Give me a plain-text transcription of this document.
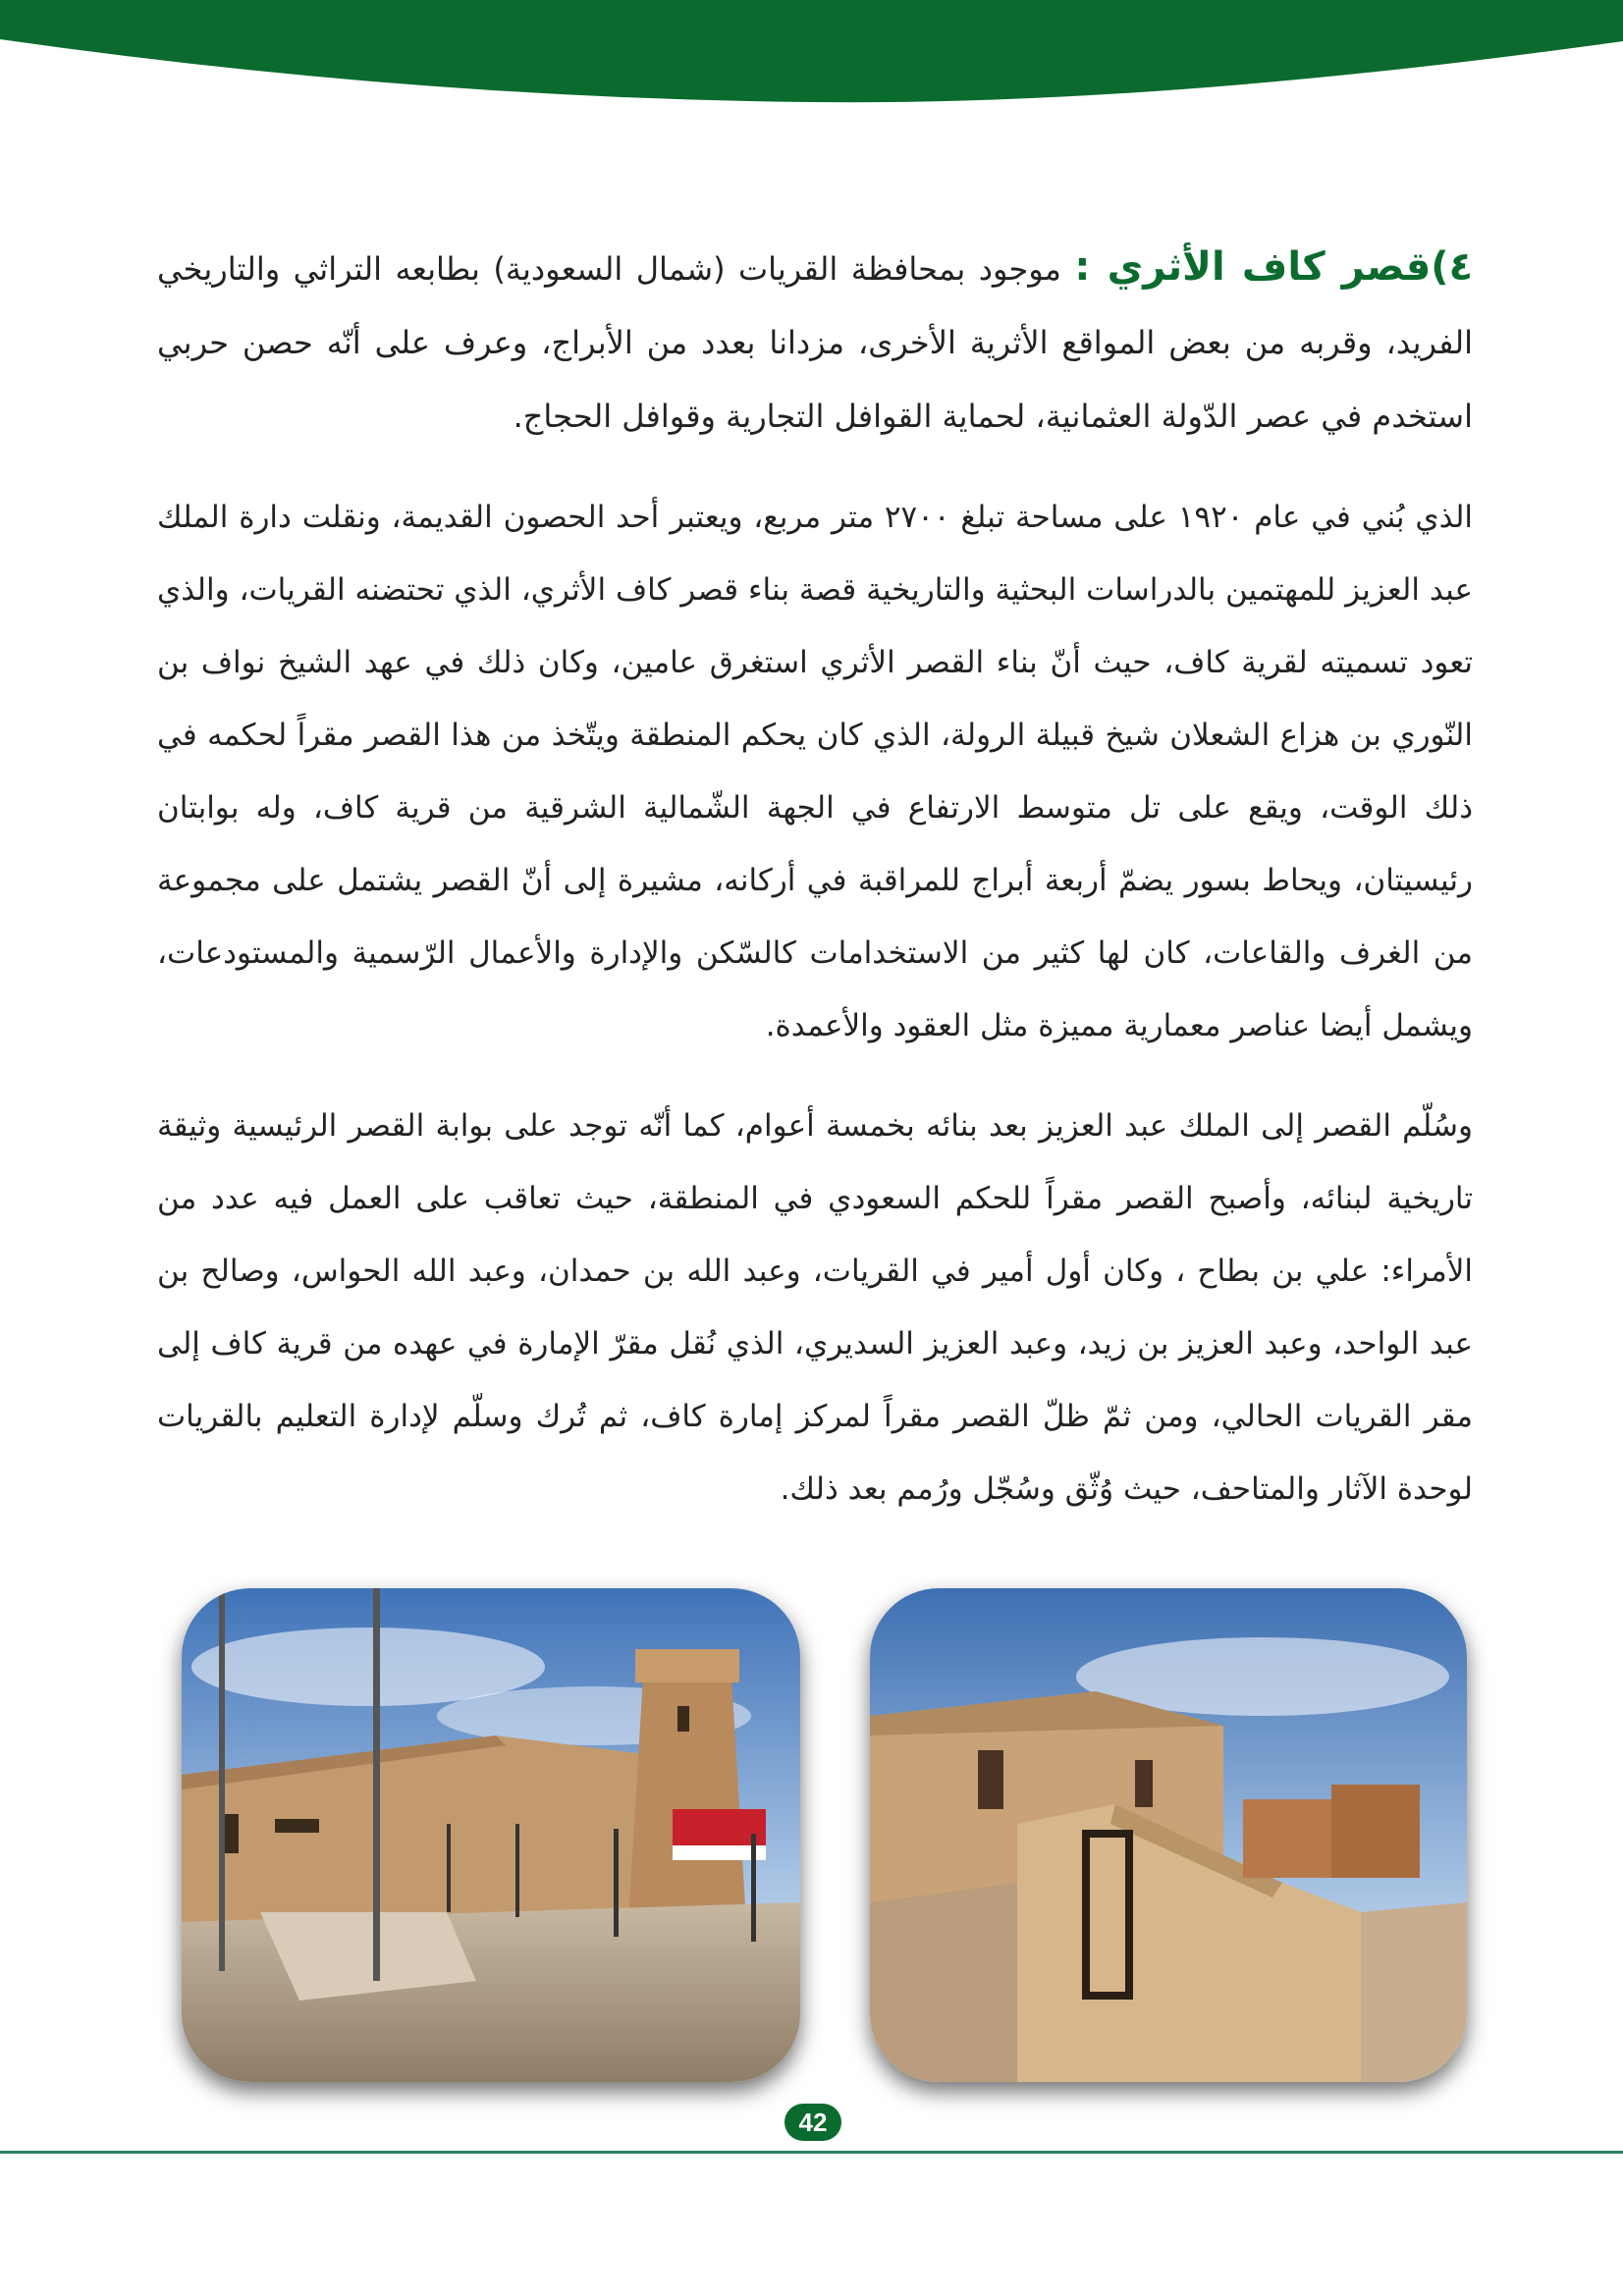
٤)قصر كاف الأثري : موجود بمحافظة القريات (شمال السعودية) بطابعه التراثي والتاريخي الفريد، وقربه من بعض المواقع الأثرية الأخرى، مزدانا بعدد من الأبراج، وعرف على أنّه حصن حربي استخدم في عصر الدّولة العثمانية، لحماية القوافل التجارية وقوافل الحجاج.

الذي بُني في عام ١٩٢٠ على مساحة تبلغ ٢٧٠٠ متر مربع، ويعتبر أحد الحصون القديمة، ونقلت دارة الملك عبد العزيز للمهتمين بالدراسات البحثية والتاريخية قصة بناء قصر كاف الأثري، الذي تحتضنه القريات، والذي تعود تسميته لقرية كاف، حيث أنّ بناء القصر الأثري استغرق عامين، وكان ذلك في عهد الشيخ نواف بن النّوري بن هزاع الشعلان شيخ قبيلة الرولة، الذي كان يحكم المنطقة ويتّخذ من هذا القصر مقراً لحكمه في ذلك الوقت، ويقع على تل متوسط الارتفاع في الجهة الشّمالية الشرقية من قرية كاف، وله بوابتان رئيسيتان، ويحاط بسور يضمّ أربعة أبراج للمراقبة في أركانه، مشيرة إلى أنّ القصر يشتمل على مجموعة من الغرف والقاعات، كان لها كثير من الاستخدامات كالسّكن والإدارة والأعمال الرّسمية والمستودعات، ويشمل أيضا عناصر معمارية مميزة مثل العقود والأعمدة.

وسُلّم القصر إلى الملك عبد العزيز بعد بنائه بخمسة أعوام، كما أنّه توجد على بوابة القصر الرئيسية وثيقة تاريخية لبنائه، وأصبح القصر مقراً للحكم السعودي في المنطقة، حيث تعاقب على العمل فيه عدد من الأمراء: علي بن بطاح ، وكان أول أمير في القريات، وعبد الله بن حمدان، وعبد الله الحواس، وصالح بن عبد الواحد، وعبد العزيز بن زيد، وعبد العزيز السديري، الذي نُقل مقرّ الإمارة في عهده من قرية كاف إلى مقر القريات الحالي، ومن ثمّ ظلّ القصر مقراً لمركز إمارة كاف، ثم تُرك وسلّم لإدارة التعليم بالقريات لوحدة الآثار والمتاحف، حيث وُثّق وسُجّل ورُمم بعد ذلك.

42
